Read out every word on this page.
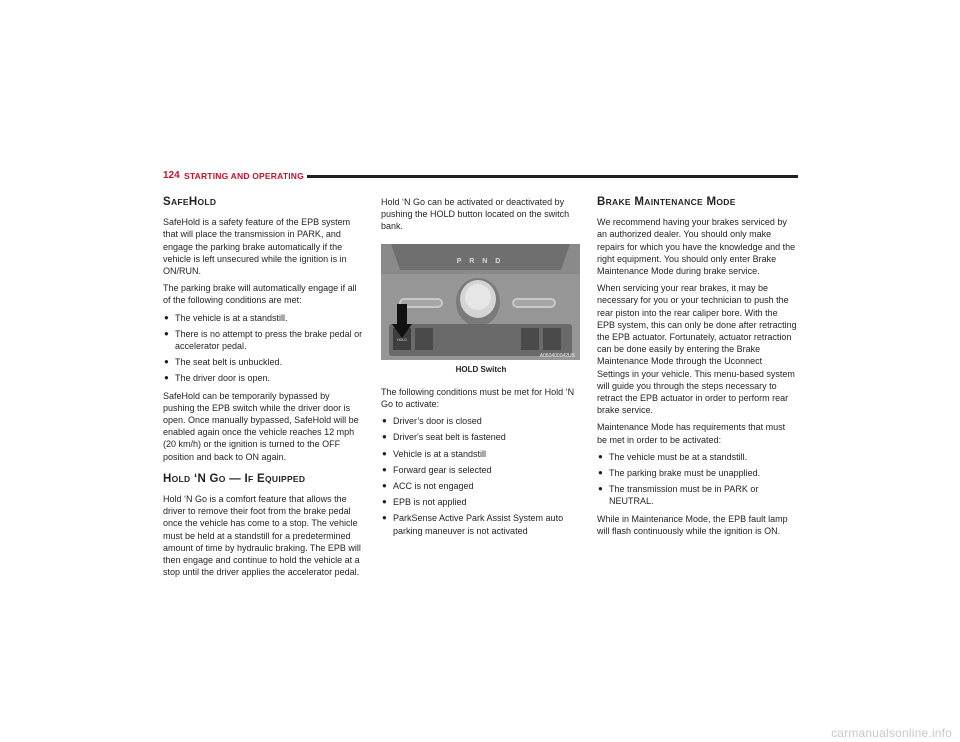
124 STARTING AND OPERATING
SAFEHOLD

SafeHold is a safety feature of the EPB system that will place the transmission in PARK, and engage the parking brake automatically if the vehicle is left unsecured while the ignition is in ON/RUN.

The parking brake will automatically engage if all of the following conditions are met:

● The vehicle is at a standstill.
● There is no attempt to press the brake pedal or accelerator pedal.
● The seat belt is unbuckled.
● The driver door is open.

SafeHold can be temporarily bypassed by pushing the EPB switch while the driver door is open. Once manually bypassed, SafeHold will be enabled again once the vehicle reaches 12 mph (20 km/h) or the ignition is turned to the OFF position and back to ON again.

HOLD ‘N GO — IF EQUIPPED

Hold ‘N Go is a comfort feature that allows the driver to remove their foot from the brake pedal once the vehicle has come to a stop. The vehicle must be held at a standstill for a predetermined amount of time by hydraulic braking. The EPB will then engage and continue to hold the vehicle at a stop until the driver applies the accelerator pedal.

Hold ‘N Go can be activated or deactivated by pushing the HOLD button located on the switch bank.

P R N D
HOLD
A060400042US
HOLD Switch

The following conditions must be met for Hold ‘N Go to activate:

● Driver’s door is closed
● Driver's seat belt is fastened
● Vehicle is at a standstill
● Forward gear is selected
● ACC is not engaged
● EPB is not applied
● ParkSense Active Park Assist System auto parking maneuver is not activated
BRAKE MAINTENANCE MODE

We recommend having your brakes serviced by an authorized dealer. You should only make repairs for which you have the knowledge and the right equipment. You should only enter Brake Maintenance Mode during brake service.

When servicing your rear brakes, it may be necessary for you or your technician to push the rear piston into the rear caliper bore. With the EPB system, this can only be done after retracting the EPB actuator. Fortunately, actuator retraction can be done easily by entering the Brake Maintenance Mode through the Uconnect Settings in your vehicle. This menu-based system will guide you through the steps necessary to retract the EPB actuator in order to perform rear brake service.

Maintenance Mode has requirements that must be met in order to be activated:

● The vehicle must be at a standstill.
● The parking brake must be unapplied.
● The transmission must be in PARK or NEUTRAL.

While in Maintenance Mode, the EPB fault lamp will flash continuously while the ignition is ON.

carmanualsonline.info
